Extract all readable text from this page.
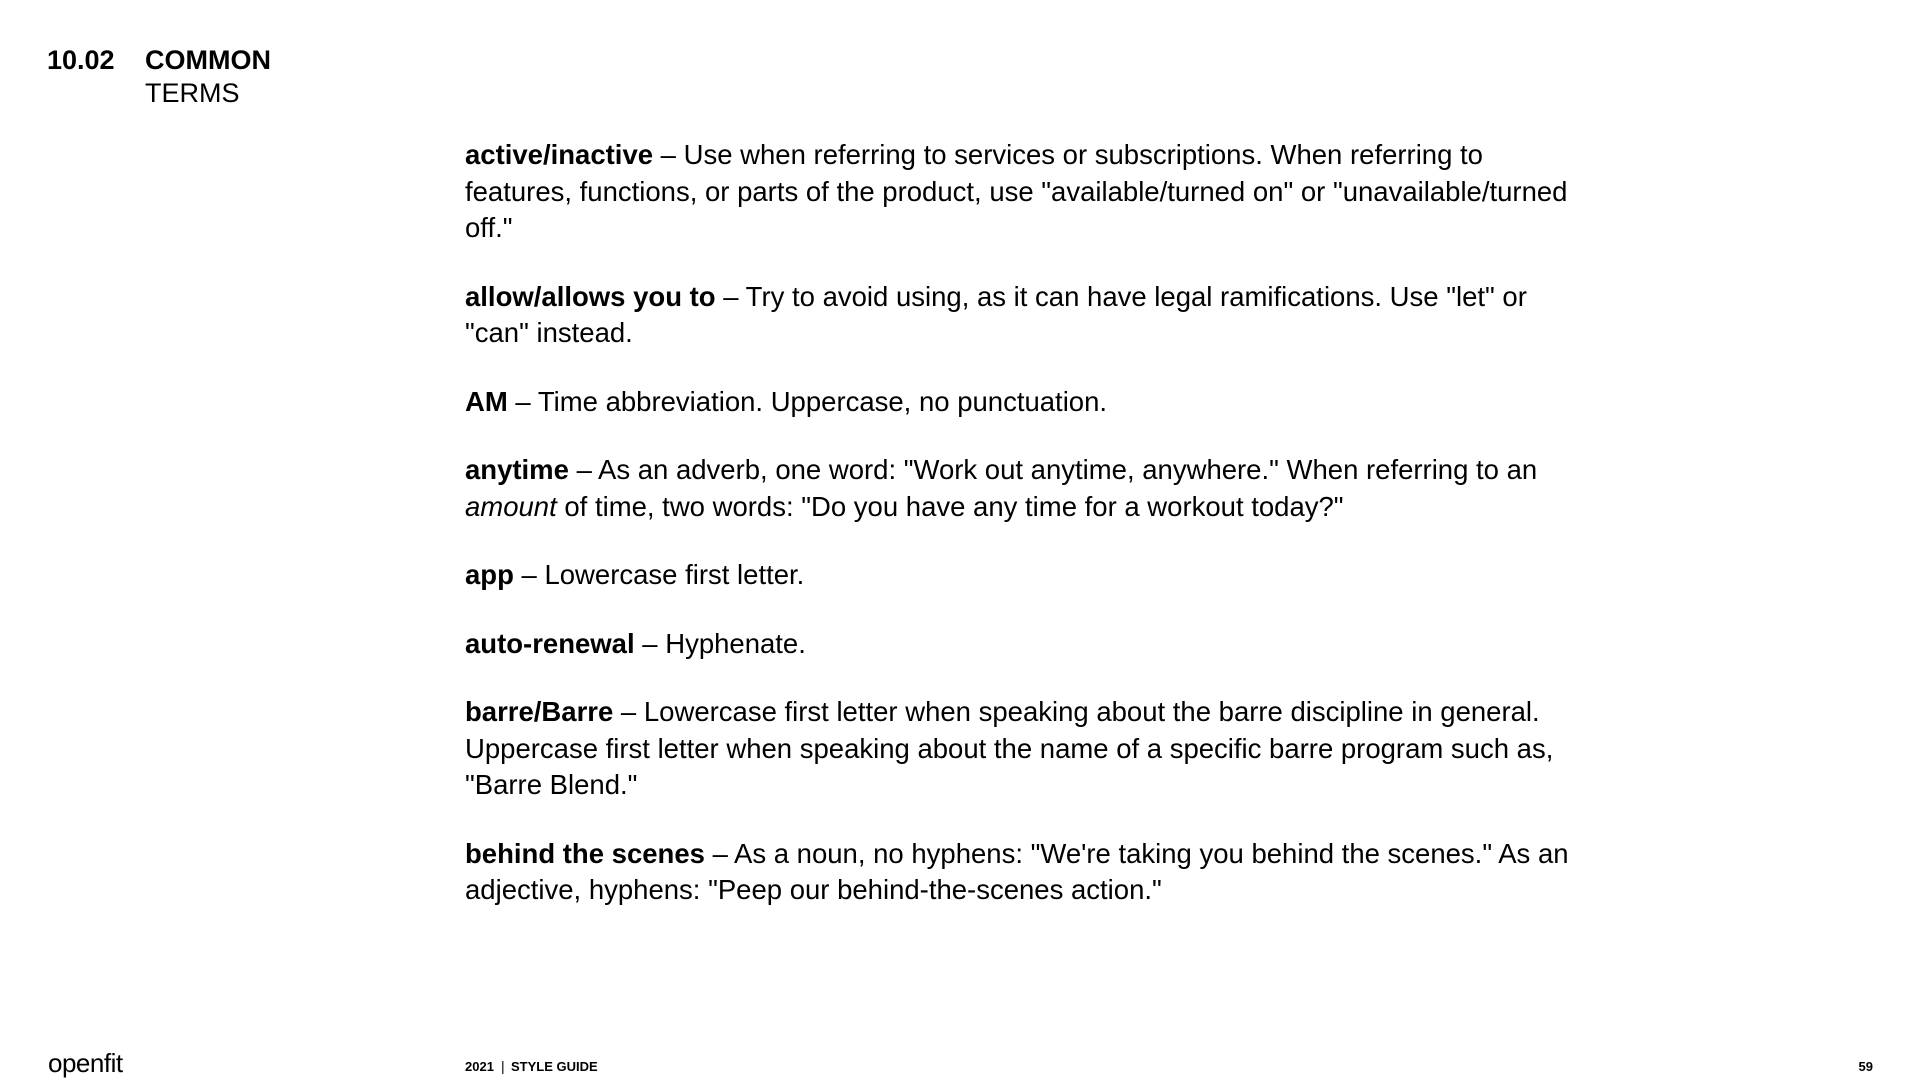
10.02	COMMON
TERMS

active/inactive – Use when referring to services or subscriptions. When referring to features, functions, or parts of the product, use "available/turned on" or "unavailable/turned off."

allow/allows you to – Try to avoid using, as it can have legal ramifications. Use "let" or "can" instead.

AM – Time abbreviation. Uppercase, no punctuation.

anytime – As an adverb, one word: "Work out anytime, anywhere." When referring to an amount of time, two words: "Do you have any time for a workout today?"

app – Lowercase first letter.

auto-renewal – Hyphenate.

barre/Barre – Lowercase first letter when speaking about the barre discipline in general. Uppercase first letter when speaking about the name of a specific barre program such as, "Barre Blend."

behind the scenes – As a noun, no hyphens: "We're taking you behind the scenes." As an adjective, hyphens: "Peep our behind-the-scenes action."

openfit	2021 | STYLE GUIDE	59
